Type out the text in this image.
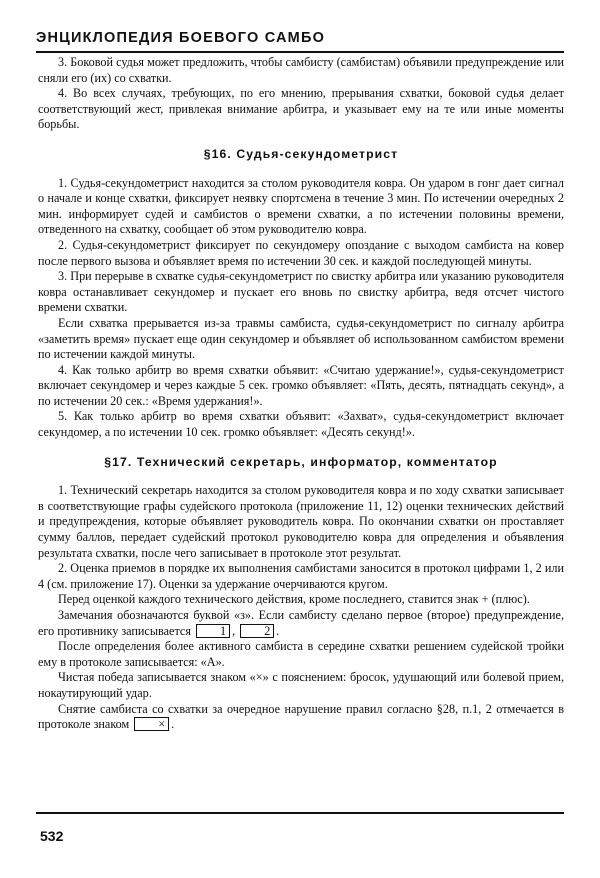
ЭНЦИКЛОПЕДИЯ БОЕВОГО САМБО

3. Боковой судья может предложить, чтобы самбисту (самбистам) объявили предупреждение или сняли его (их) со схватки.

4. Во всех случаях, требующих, по его мнению, прерывания схватки, боковой судья делает соответствующий жест, привлекая внимание арбитра, и указывает ему на те или иные моменты борьбы.

§16. Судья-секундометрист

1. Судья-секундометрист находится за столом руководителя ковра. Он ударом в гонг дает сигнал о начале и конце схватки, фиксирует неявку спортсмена в течение 3 мин. По истечении очередных 2 мин. информирует судей и самбистов о времени схватки, а по истечении половины времени, отведенного на схватку, сообщает об этом руководителю ковра.

2. Судья-секундометрист фиксирует по секундомеру опоздание с выходом самбиста на ковер после первого вызова и объявляет время по истечении 30 сек. и каждой последующей минуты.

3. При перерыве в схватке судья-секундометрист по свистку арбитра или указанию руководителя ковра останавливает секундомер и пускает его вновь по свистку арбитра, ведя отсчет чистого времени схватки.

Если схватка прерывается из-за травмы самбиста, судья-секундометрист по сигналу арбитра «заметить время» пускает еще один секундомер и объявляет об использованном самбистом времени по истечении каждой минуты.

4. Как только арбитр во время схватки объявит: «Считаю удержание!», судья-секундометрист включает секундомер и через каждые 5 сек. громко объявляет: «Пять, десять, пятнадцать секунд», а по истечении 20 сек.: «Время удержания!».

5. Как только арбитр во время схватки объявит: «Захват», судья-секундометрист включает секундомер, а по истечении 10 сек. громко объявляет: «Десять секунд!».

§17. Технический секретарь, информатор, комментатор

1. Технический секретарь находится за столом руководителя ковра и по ходу схватки записывает в соответствующие графы судейского протокола (приложение 11, 12) оценки технических действий и предупреждения, которые объявляет руководитель ковра. По окончании схватки он проставляет сумму баллов, передает судейский протокол руководителю ковра для определения и объявления результата схватки, после чего записывает в протоколе этот результат.

2. Оценка приемов в порядке их выполнения самбистами заносится в протокол цифрами 1, 2 или 4 (см. приложение 17). Оценки за удержание очерчиваются кругом.

Перед оценкой каждого технического действия, кроме последнего, ставится знак + (плюс).

Замечания обозначаются буквой «з». Если самбисту сделано первое (второе) предупреждение, его противнику записывается 1 , 2 .

После определения более активного самбиста в середине схватки решением судейской тройки ему в протоколе записывается: «А».

Чистая победа записывается знаком «×» с пояснением: бросок, удушающий или болевой прием, нокаутирующий удар.

Снятие самбиста со схватки за очередное нарушение правил согласно §28, п.1, 2 отмечается в протоколе знаком × .

532
